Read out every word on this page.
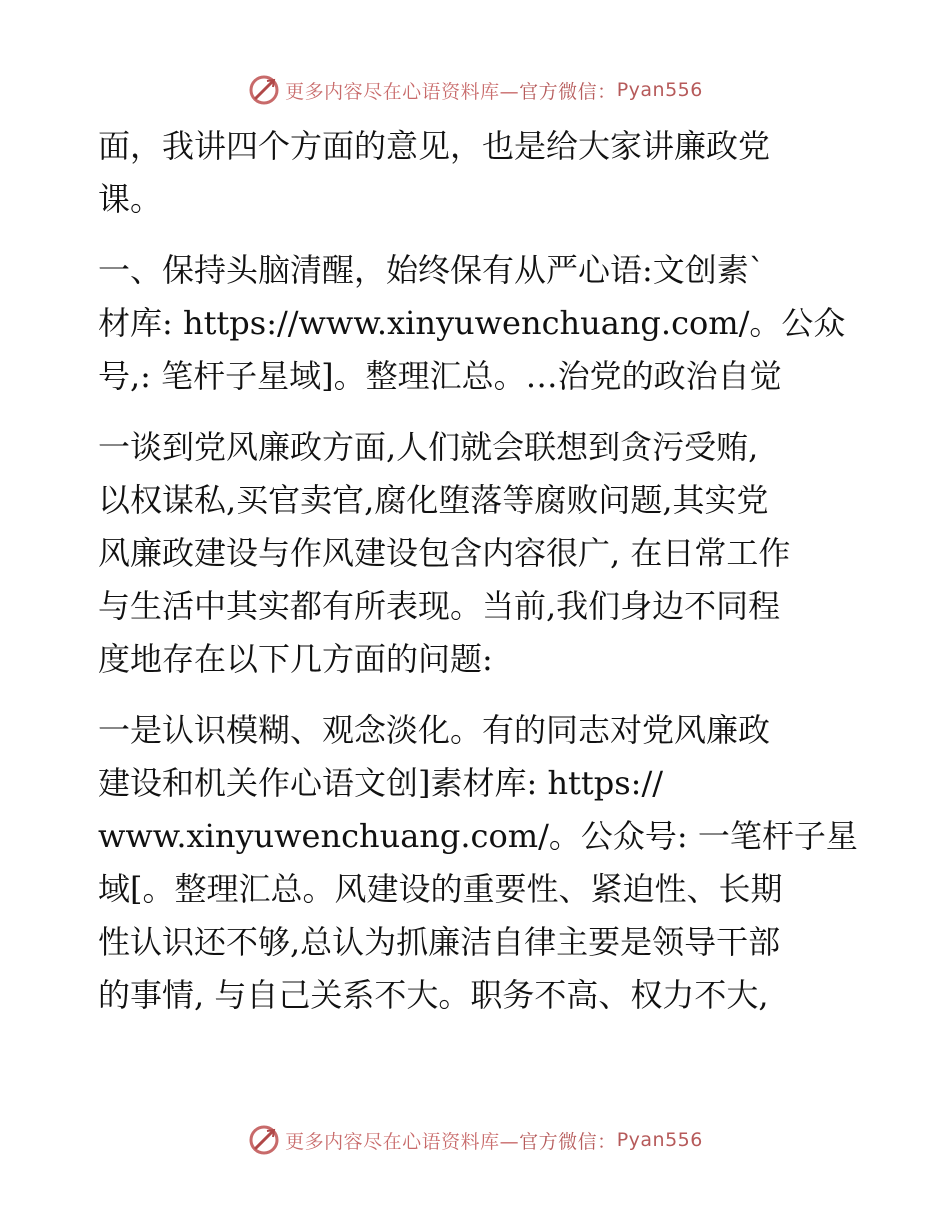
更多内容尽在心语资料库— 官方微信： Pyan556
面，我讲四个方面的意见，也是给大家讲廉政党
课。
一、保持头脑清醒，始终保有从严心语:文创素`
材库: https://www.xinyuwenchuang.com/。公众
号,: 笔杆子星域]。整理汇总。…治党的政治自觉
一谈到党风廉政方面,人们就会联想到贪污受贿,
以权谋私,买官卖官,腐化堕落等腐败问题,其实党
风廉政建设与作风建设包含内容很广, 在日常工作
与生活中其实都有所表现。当前,我们身边不同程
度地存在以下几方面的问题:
一是认识模糊、观念淡化。有的同志对党风廉政
建设和机关作心语文创]素材库: https://
www.xinyuwenchuang.com/。公众号: 一笔杆子星
域[。整理汇总。风建设的重要性、紧迫性、长期
性认识还不够,总认为抓廉洁自律主要是领导干部
的事情, 与自己关系不大。职务不高、权力不大,
更多内容尽在心语资料库— 官方微信： Pyan556
